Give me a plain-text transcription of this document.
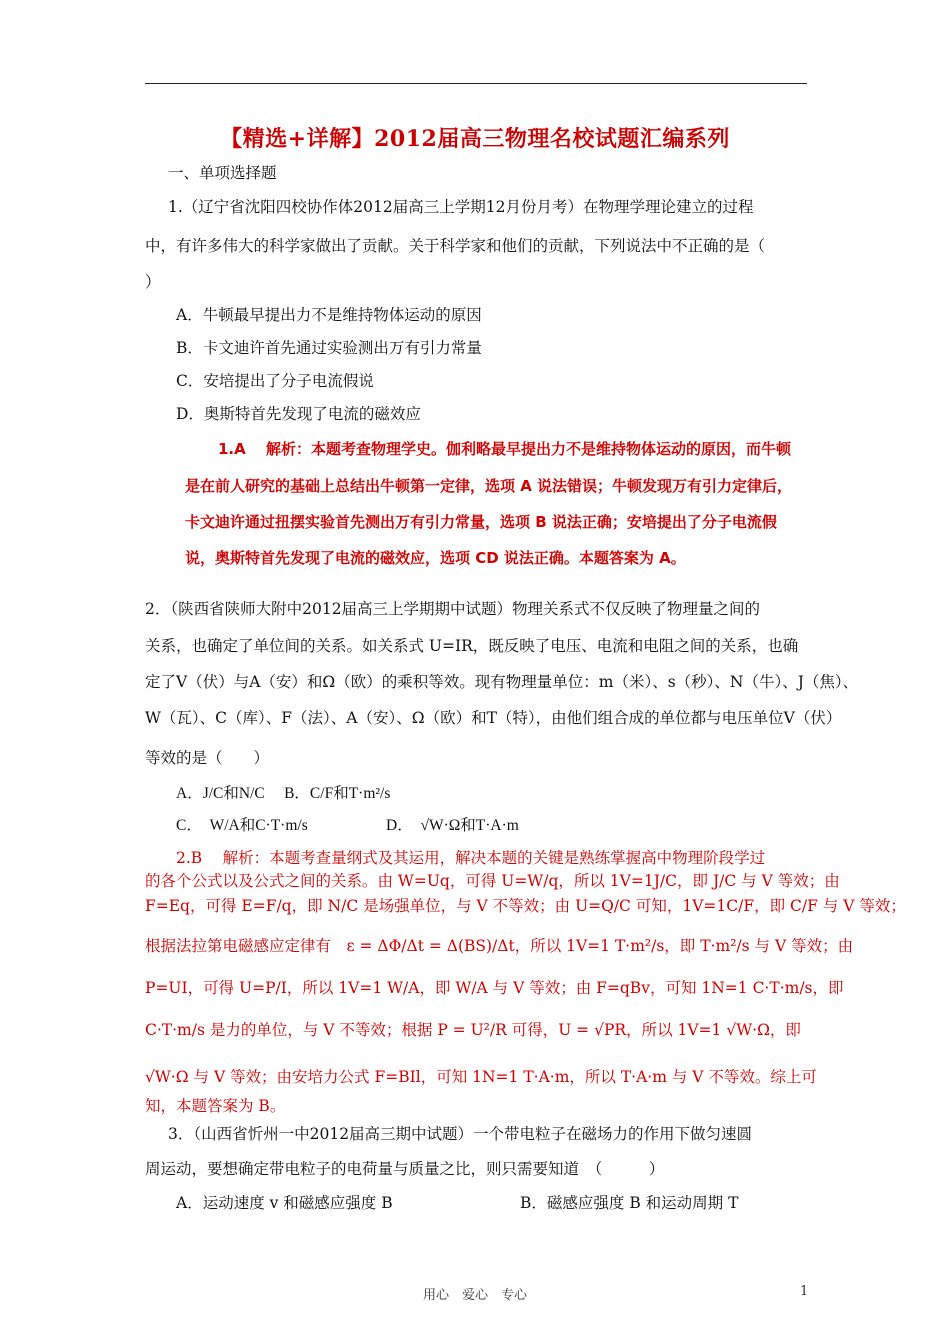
【精选+详解】2012届高三物理名校试题汇编系列
一、单项选择题
1.（辽宁省沈阳四校协作体2012届高三上学期12月份月考）在物理学理论建立的过程
中，有许多伟大的科学家做出了贡献。关于科学家和他们的贡献，下列说法中不正确的是（
）
A．牛顿最早提出力不是维持物体运动的原因
B．卡文迪许首先通过实验测出万有引力常量
C．安培提出了分子电流假说
D．奥斯特首先发现了电流的磁效应
1.A　 解析：本题考查物理学史。伽利略最早提出力不是维持物体运动的原因，而牛顿
是在前人研究的基础上总结出牛顿第一定律，选项 A 说法错误；牛顿发现万有引力定律后，
卡文迪许通过扭摆实验首先测出万有引力常量，选项 B 说法正确；安培提出了分子电流假
说，奥斯特首先发现了电流的磁效应，选项 CD 说法正确。本题答案为 A。
2．（陕西省陕师大附中2012届高三上学期期中试题）物理关系式不仅反映了物理量之间的
关系，也确定了单位间的关系。如关系式 U=IR，既反映了电压、电流和电阻之间的关系，也确
定了V（伏）与A（安）和Ω（欧）的乘积等效。现有物理量单位：m（米）、s（秒）、N（牛）、J（焦）、
W（瓦）、C（库）、F（法）、A（安）、Ω（欧）和T（特），由他们组合成的单位都与电压单位V（伏）
等效的是（　　）
A．J/C和N/C　 B．C/F和T·m²/s
C．　W/A和C·T·m/s	D．　√W·Ω和T·A·m
2.B　 解析：本题考查量纲式及其运用，解决本题的关键是熟练掌握高中物理阶段学过
的各个公式以及公式之间的关系。由 W=Uq，可得 U=W/q，所以 1V=1J/C，即 J/C 与 V 等效；由
F=Eq，可得 E=F/q，即 N/C 是场强单位，与 V 不等效；由 U=Q/C 可知，1V=1C/F，即 C/F 与 V 等效；
根据法拉第电磁感应定律有　ε = ΔΦ/Δt = Δ(BS)/Δt，所以 1V=1 T·m²/s，即 T·m²/s 与 V 等效；由
P=UI，可得 U=P/I，所以 1V=1 W/A，即 W/A 与 V 等效；由 F=qBv，可知 1N=1 C·T·m/s，即
C·T·m/s 是力的单位，与 V 不等效；根据 P = U²/R 可得，U = √PR，所以 1V=1 √W·Ω，即
√W·Ω 与 V 等效；由安培力公式 F=BIl，可知 1N=1 T·A·m，所以 T·A·m 与 V 不等效。综上可
知，本题答案为 B。
3．（山西省忻州一中2012届高三期中试题）一个带电粒子在磁场力的作用下做匀速圆
周运动，要想确定带电粒子的电荷量与质量之比，则只需要知道　（　　　）
A．运动速度 v 和磁感应强度 B	B．磁感应强度 B 和运动周期 T
用心　爱心　专心	1
